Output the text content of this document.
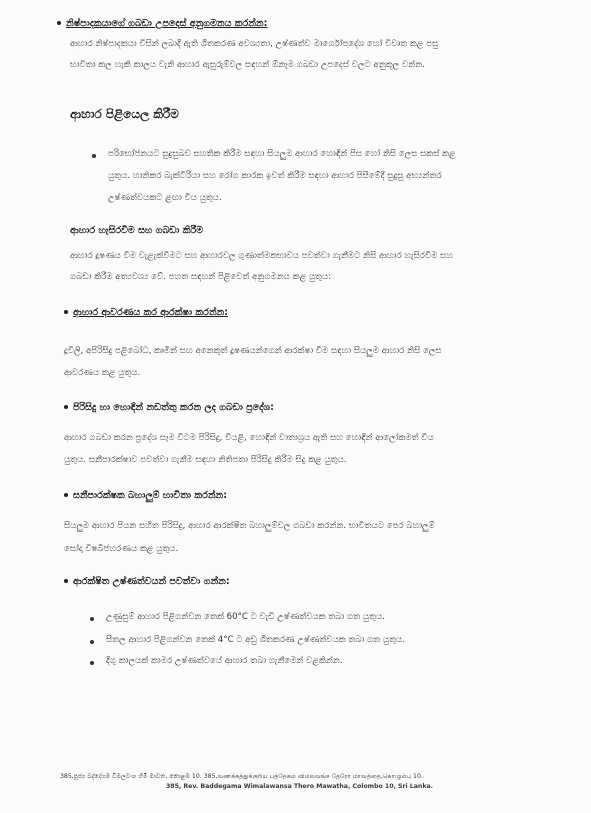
නිෂ්පාදකයාගේ ගබඩා උපදෙස් අනුගමනය කරන්න:
ආහාර නිෂ්පාදකයා විසින් ලබාදී ඇති ශීතකරණ අවශ්‍යතා, උෂ්ණත්ව මාර්ගෝපදේශ හෝ විවෘත කළ පසු
භාවිතා කල හැකි කාලය වැනි ආහාර ඇසුරුම්වල සඳහන් ඕනෑම ගබඩා උපදෙස් වලට අනුකූල වන්න.
ආහාර පිළියෙල කිරීම
පරිභෝජනයට සුදුසුබව සහතික කිරීම සඳහා සියලුම ආහාර හොඳින් පිස හෝ නිසි ලෙස සකස් කළ
යුතුය. හානිකර බැක්ටීරියා සහ රෝග කාරක ඉවත් කිරීම සඳහා ආහාර පිසීමේදී සුදුසු අභ්‍යන්තර
උෂ්ණත්වයකට ළඟා විය යුතුය.
ආහාර හැසිරවීම සහ ගබඩා කිරීම
ආහාර දූෂණය වීම වැළැක්වීමට සහ ආහාරවල ගුණාත්මකභාවය පවත්වා ගැනීමට නිසි ආහාර හැසිරවීම සහ
ගබඩා කිරීම අත්‍යවශ්‍ය වේ. පහත සඳහන් පිළිවෙත් අනුගමනය කළ යුතුය:
ආහාර ආවරණය කර ආරක්ෂා කරන්න:
දූවිලි, අපිරිසිදු පළිබෝධ, කෘමීන් සහ අනෙකුත් දූෂණයන්ගෙන් ආරක්ෂා වීම සඳහා සියලුම ආහාර නිසි ලෙස
ආවරණය කළ යුතුය.
පිරිසිදු හා හොඳින් නඩත්තු කරන ලද ගබඩා ප්‍රදේශ:
ආහාර ගබඩා කරන ප්‍රදේශ සෑම විටම පිරිසිදු, වියළි, හොඳින් වාතාශ්‍රය ඇති සහ හොඳින් ආලෝකමත් විය
යුතුය. සනීපාරක්ෂාව පවත්වා ගැනීම සඳහා නිතිපතා පිරිසිදු කිරීම සිදු කළ යුතුය.
සනීපාරක්ෂක බහාලුම් භාවිතා කරන්න:
සියලුම ආහාර පියන සහිත පිරිසිදු, ආහාර ආරක්ෂිත බහාලුම්වල ගබඩා කරන්න. භාවිතයට පෙර බහාලුම්
සෝදා විෂබීජහරණය කළ යුතුය.
ආරක්ෂිත උෂ්ණත්වයන් පවත්වා ගන්න:
උණුසුම් ආහාර පිළිගන්වන තෙක් 60°C ට වැඩි උෂ්ණත්වයක තබා ගත යුතුය.
සීතල ආහාර පිළිගන්වන තෙක් 4°C ට අඩු ශීතකරණ උෂ්ණත්වයක තබා ගත යුතුය.
දිගු කාලයක් කාමර උෂ්ණත්වයේ ආහාර තබා ගැනීමෙන් වළකින්න.
385,පූජ්‍ය බද්දේගම විමලවංශ හිමි මාවත, කොළඹ 10. 385,வணக்கத்துக்குரிய பத்தேகம விமலவங்ச தேரோ மாவத்தை,கொழும்பு 10.
385, Rev. Baddegama Wimalawansa Thero Mawatha, Colombo 10, Sri Lanka.
